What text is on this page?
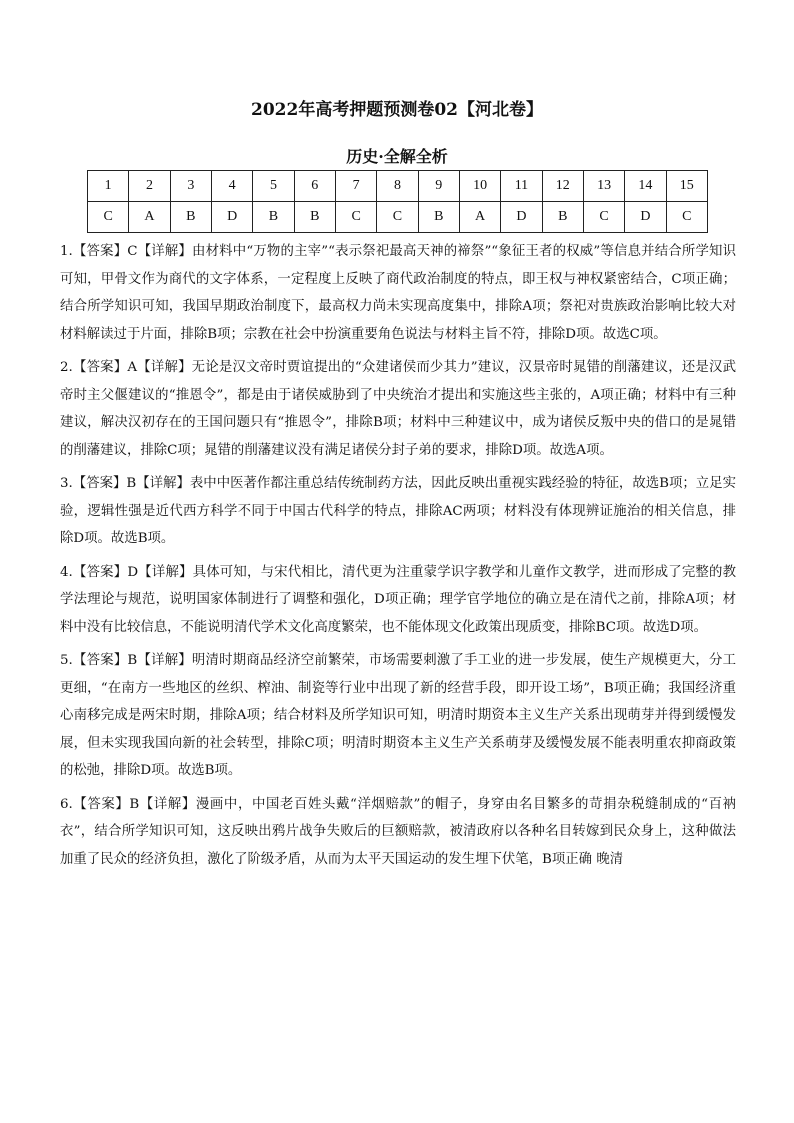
2022年高考押题预测卷02【河北卷】
历史·全解全析
1	2	3	4	5	6	7	8	9	10	11	12	13	14	15
C	A	B	D	B	B	C	C	B	A	D	B	C	D	C

1.【答案】C【详解】由材料中“万物的主宰”“表示祭祀最高天神的禘祭”“象征王者的权威”等信息并结合所学知识可知，甲骨文作为商代的文字体系，一定程度上反映了商代政治制度的特点，即王权与神权紧密结合，C项正确；结合所学知识可知，我国早期政治制度下，最高权力尚未实现高度集中，排除A项；祭祀对贵族政治影响比较大对材料解读过于片面，排除B项；宗教在社会中扮演重要角色说法与材料主旨不符，排除D项。故选C项。

2.【答案】A【详解】无论是汉文帝时贾谊提出的“众建诸侯而少其力”建议，汉景帝时晁错的削藩建议，还是汉武帝时主父偃建议的“推恩令”，都是由于诸侯威胁到了中央统治才提出和实施这些主张的，A项正确；材料中有三种建议，解决汉初存在的王国问题只有“推恩令”，排除B项；材料中三种建议中，成为诸侯反叛中央的借口的是晁错的削藩建议，排除C项；晁错的削藩建议没有满足诸侯分封子弟的要求，排除D项。故选A项。

3.【答案】B【详解】表中中医著作都注重总结传统制药方法，因此反映出重视实践经验的特征，故选B项；立足实验，逻辑性强是近代西方科学不同于中国古代科学的特点，排除AC两项；材料没有体现辨证施治的相关信息，排除D项。故选B项。

4.【答案】D【详解】具体可知，与宋代相比，清代更为注重蒙学识字教学和儿童作文教学，进而形成了完整的教学法理论与规范，说明国家体制进行了调整和强化，D项正确；理学官学地位的确立是在清代之前，排除A项；材料中没有比较信息，不能说明清代学术文化高度繁荣，也不能体现文化政策出现质变，排除BC项。故选D项。

5.【答案】B【详解】明清时期商品经济空前繁荣，市场需要刺激了手工业的进一步发展，使生产规模更大，分工更细，“在南方一些地区的丝织、榨油、制瓷等行业中出现了新的经营手段，即开设工场”，B项正确；我国经济重心南移完成是两宋时期，排除A项；结合材料及所学知识可知，明清时期资本主义生产关系出现萌芽并得到缓慢发展，但未实现我国向新的社会转型，排除C项；明清时期资本主义生产关系萌芽及缓慢发展不能表明重农抑商政策的松弛，排除D项。故选B项。

6.【答案】B【详解】漫画中，中国老百姓头戴“洋烟赔款”的帽子，身穿由名目繁多的苛捐杂税缝制成的“百衲衣”，结合所学知识可知，这反映出鸦片战争失败后的巨额赔款，被清政府以各种名目转嫁到民众身上，这种做法加重了民众的经济负担，激化了阶级矛盾，从而为太平天国运动的发生埋下伏笔，B项正确 晚清
